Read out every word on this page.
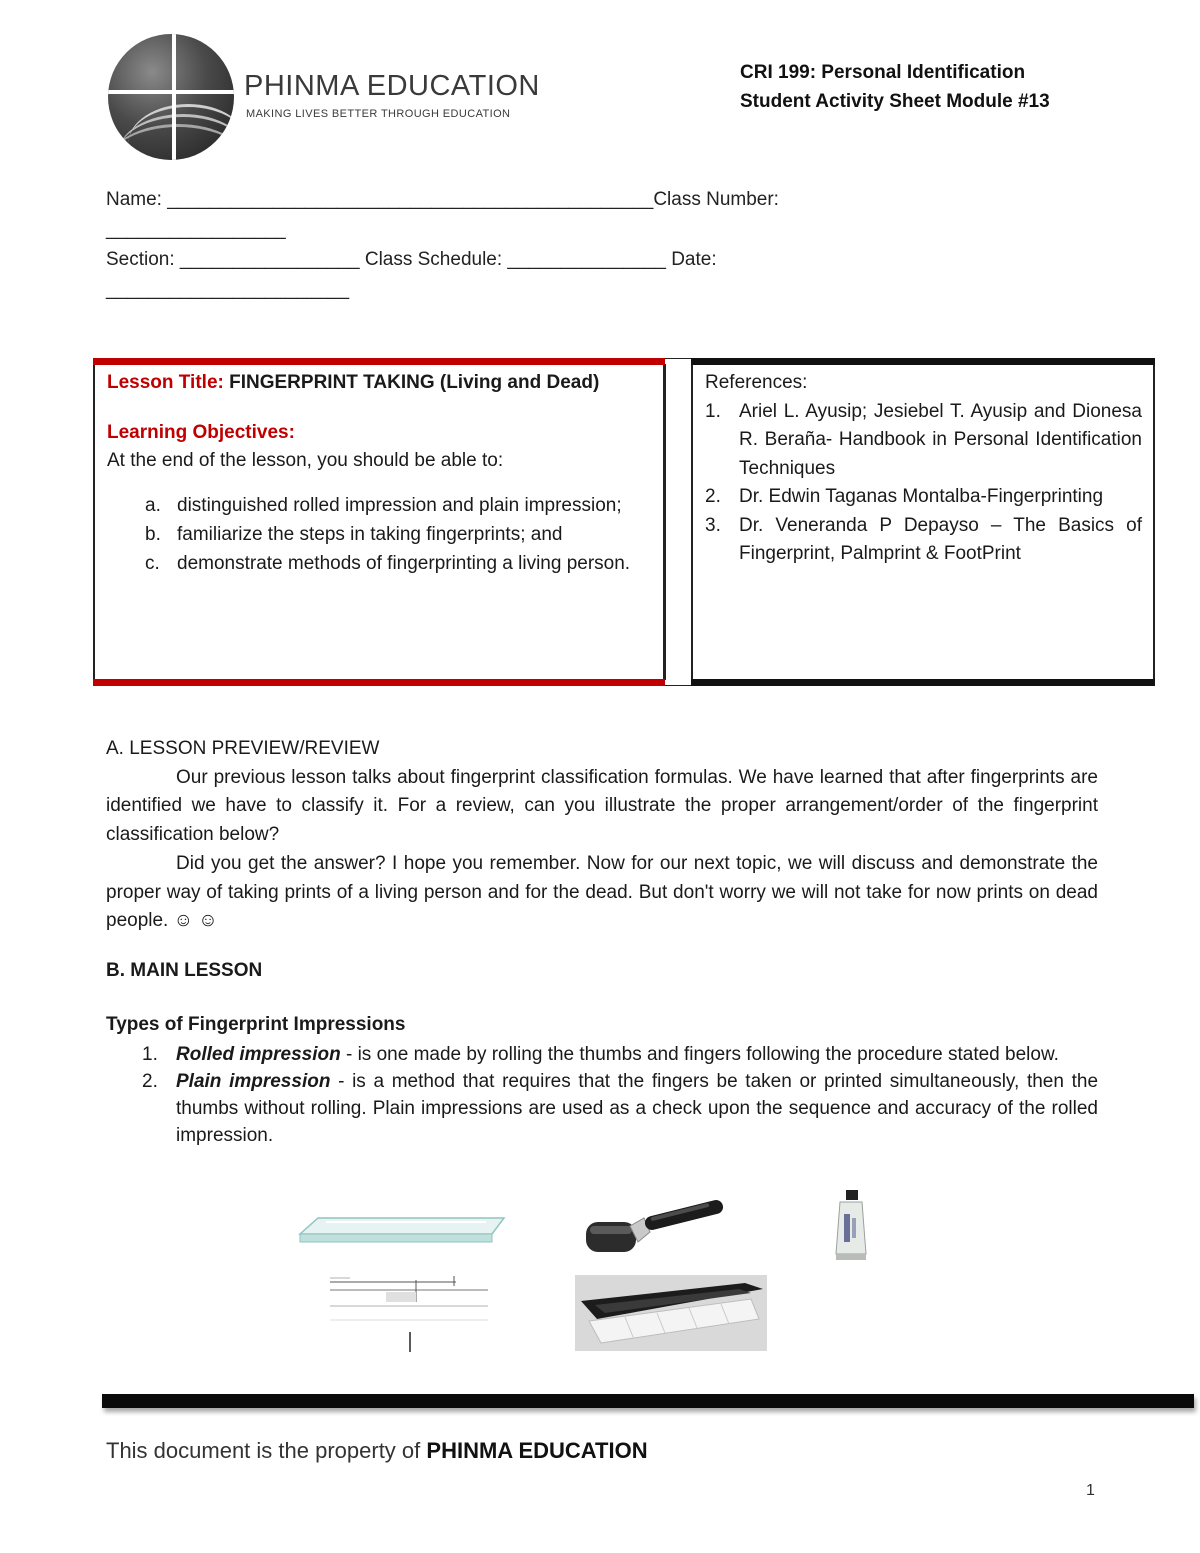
PHINMA EDUCATION
MAKING LIVES BETTER THROUGH EDUCATION
CRI 199: Personal Identification
Student Activity Sheet Module #13
Name: ______________________________________________Class Number:
_________________
Section: _________________ Class Schedule: _______________ Date:
_______________________
Lesson Title: FINGERPRINT TAKING (Living and Dead)
Learning Objectives:
At the end of the lesson, you should be able to:
a. distinguished rolled impression and plain impression;
b. familiarize the steps in taking fingerprints; and
c. demonstrate methods of fingerprinting a living person.
References:
1. Ariel L. Ayusip; Jesiebel T. Ayusip and Dionesa R. Beraña- Handbook in Personal Identification Techniques
2. Dr. Edwin Taganas Montalba-Fingerprinting
3. Dr. Veneranda P Depayso – The Basics of Fingerprint, Palmprint & FootPrint
A. LESSON PREVIEW/REVIEW

Our previous lesson talks about fingerprint classification formulas. We have learned that after fingerprints are identified we have to classify it. For a review, can you illustrate the proper arrangement/order of the fingerprint classification below?

Did you get the answer? I hope you remember. Now for our next topic, we will discuss and demonstrate the proper way of taking prints of a living person and for the dead. But don't worry we will not take for now prints on dead people. ☺ ☺

B. MAIN LESSON
Types of Fingerprint Impressions
1. Rolled impression - is one made by rolling the thumbs and fingers following the procedure stated below.
2. Plain impression - is a method that requires that the fingers be taken or printed simultaneously, then the thumbs without rolling. Plain impressions are used as a check upon the sequence and accuracy of the rolled impression.
This document is the property of PHINMA EDUCATION
1
